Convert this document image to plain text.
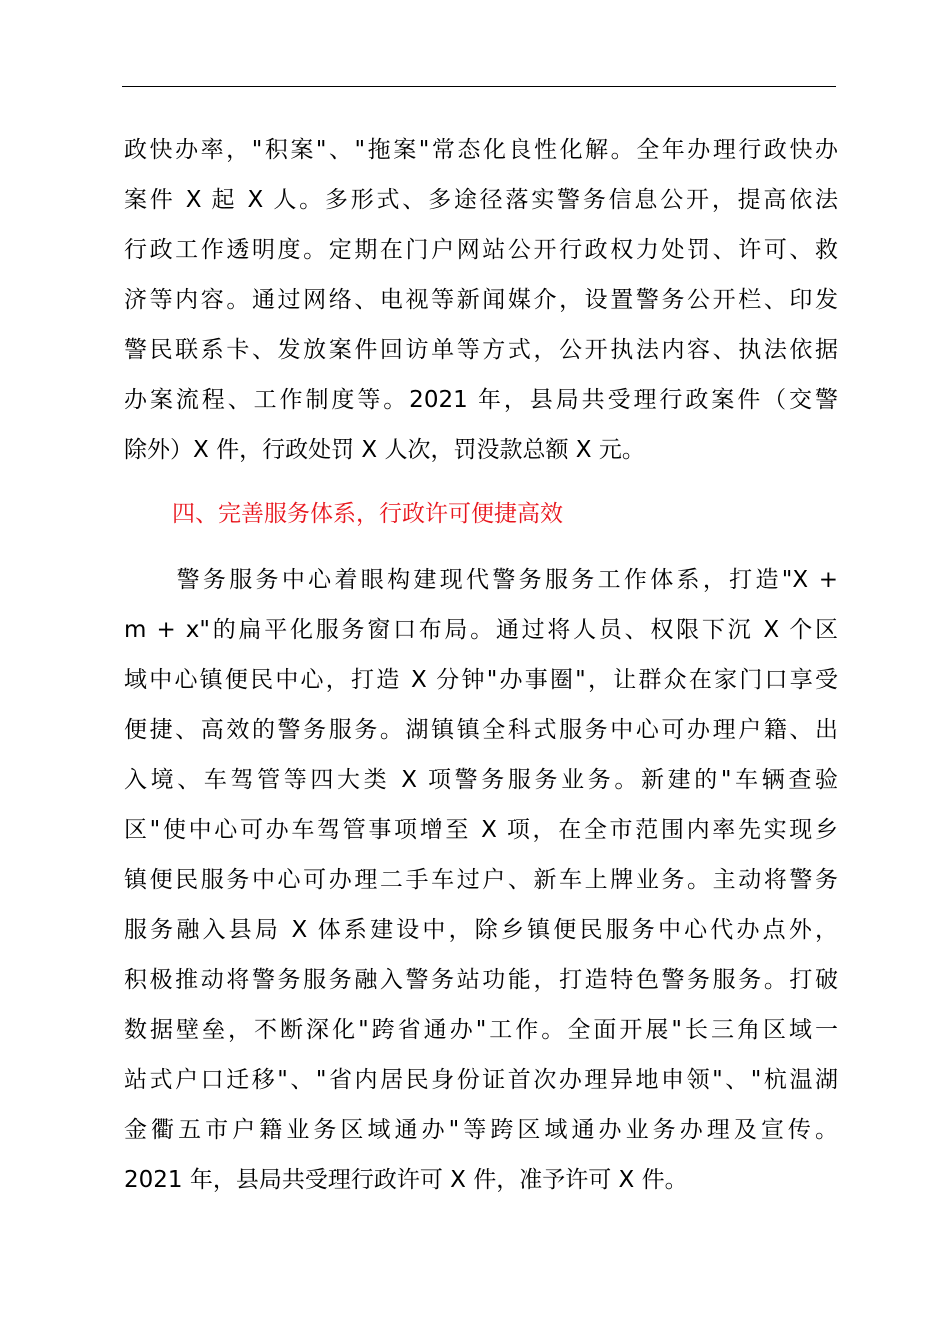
政快办率，"积案"、"拖案"常态化良性化解。全年办理行政快办
案件 X 起 X 人。多形式、多途径落实警务信息公开，提高依法
行政工作透明度。定期在门户网站公开行政权力处罚、许可、救
济等内容。通过网络、电视等新闻媒介，设置警务公开栏、印发
警民联系卡、发放案件回访单等方式，公开执法内容、执法依据
办案流程、工作制度等。2021 年，县局共受理行政案件（交警
除外）X 件，行政处罚 X 人次，罚没款总额 X 元。
四、完善服务体系，行政许可便捷高效
　　警务服务中心着眼构建现代警务服务工作体系，打造"X +
m + x"的扁平化服务窗口布局。通过将人员、权限下沉 X 个区
域中心镇便民中心，打造 X 分钟"办事圈"，让群众在家门口享受
便捷、高效的警务服务。湖镇镇全科式服务中心可办理户籍、出
入境、车驾管等四大类 X 项警务服务业务。新建的"车辆查验
区"使中心可办车驾管事项增至 X 项，在全市范围内率先实现乡
镇便民服务中心可办理二手车过户、新车上牌业务。主动将警务
服务融入县局 X 体系建设中，除乡镇便民服务中心代办点外，
积极推动将警务服务融入警务站功能，打造特色警务服务。打破
数据壁垒，不断深化"跨省通办"工作。全面开展"长三角区域一
站式户口迁移"、"省内居民身份证首次办理异地申领"、"杭温湖
金衢五市户籍业务区域通办"等跨区域通办业务办理及宣传。
2021 年，县局共受理行政许可 X 件，准予许可 X 件。
